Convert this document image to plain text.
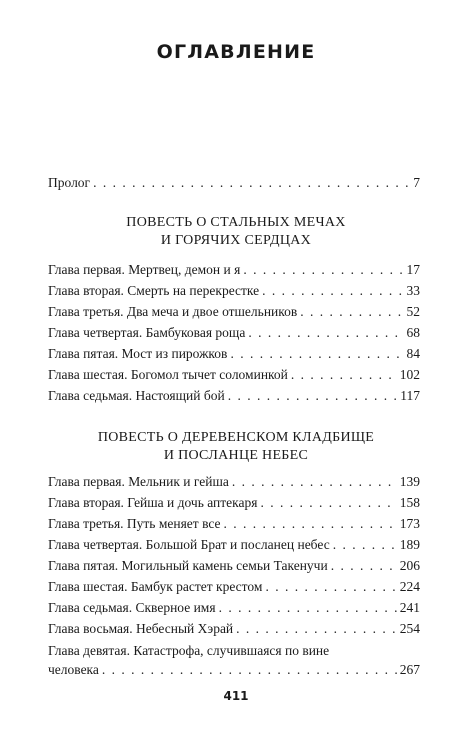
ОГЛАВЛЕНИЕ
Пролог . . .	7
ПОВЕСТЬ О СТАЛЬНЫХ МЕЧАХ
И ГОРЯЧИХ СЕРДЦАХ
Глава первая. Мертвец, демон и я . . .	17
Глава вторая. Смерть на перекрестке . . .	33
Глава третья. Два меча и двое отшельников . . .	52
Глава четвертая. Бамбуковая роща . . .	68
Глава пятая. Мост из пирожков . . .	84
Глава шестая. Богомол тычет соломинкой . . .	102
Глава седьмая. Настоящий бой . . .	117
ПОВЕСТЬ О ДЕРЕВЕНСКОМ КЛАДБИЩЕ
И ПОСЛАНЦЕ НЕБЕС
Глава первая. Мельник и гейша . . .	139
Глава вторая. Гейша и дочь аптекаря . . .	158
Глава третья. Путь меняет все . . .	173
Глава четвертая. Большой Брат и посланец небес . . .	189
Глава пятая. Могильный камень семьи Такенучи . . .	206
Глава шестая. Бамбук растет крестом . . .	224
Глава седьмая. Скверное имя . . .	241
Глава восьмая. Небесный Хэрай . . .	254
Глава девятая. Катастрофа, случившаяся по вине
человека . . .	267
411
